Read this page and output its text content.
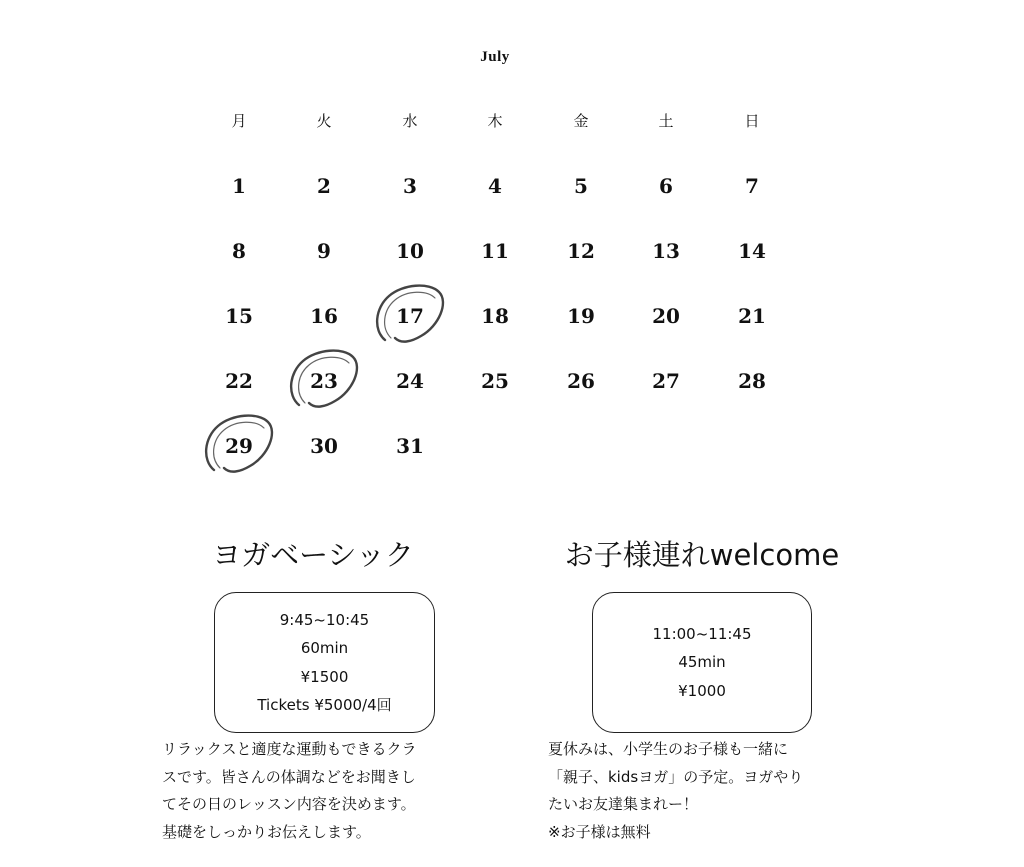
July
月	火	水	木	金	土	日
1	2	3	4	5	6	7
8	9	10	11	12	13	14
15	16	17	18	19	20	21
22	23	24	25	26	27	28
29	30	31
ヨガベーシック
9:45~10:45
60min
¥1500
Tickets ¥5000/4回
リラックスと適度な運動もできるクラ
スです。皆さんの体調などをお聞きし
てその日のレッスン内容を決めます。
基礎をしっかりお伝えします。
お子様連れwelcome
11:00~11:45
45min
¥1000
夏休みは、小学生のお子様も一緒に
「親子、kidsヨガ」の予定。ヨガやり
たいお友達集まれー！
※お子様は無料
